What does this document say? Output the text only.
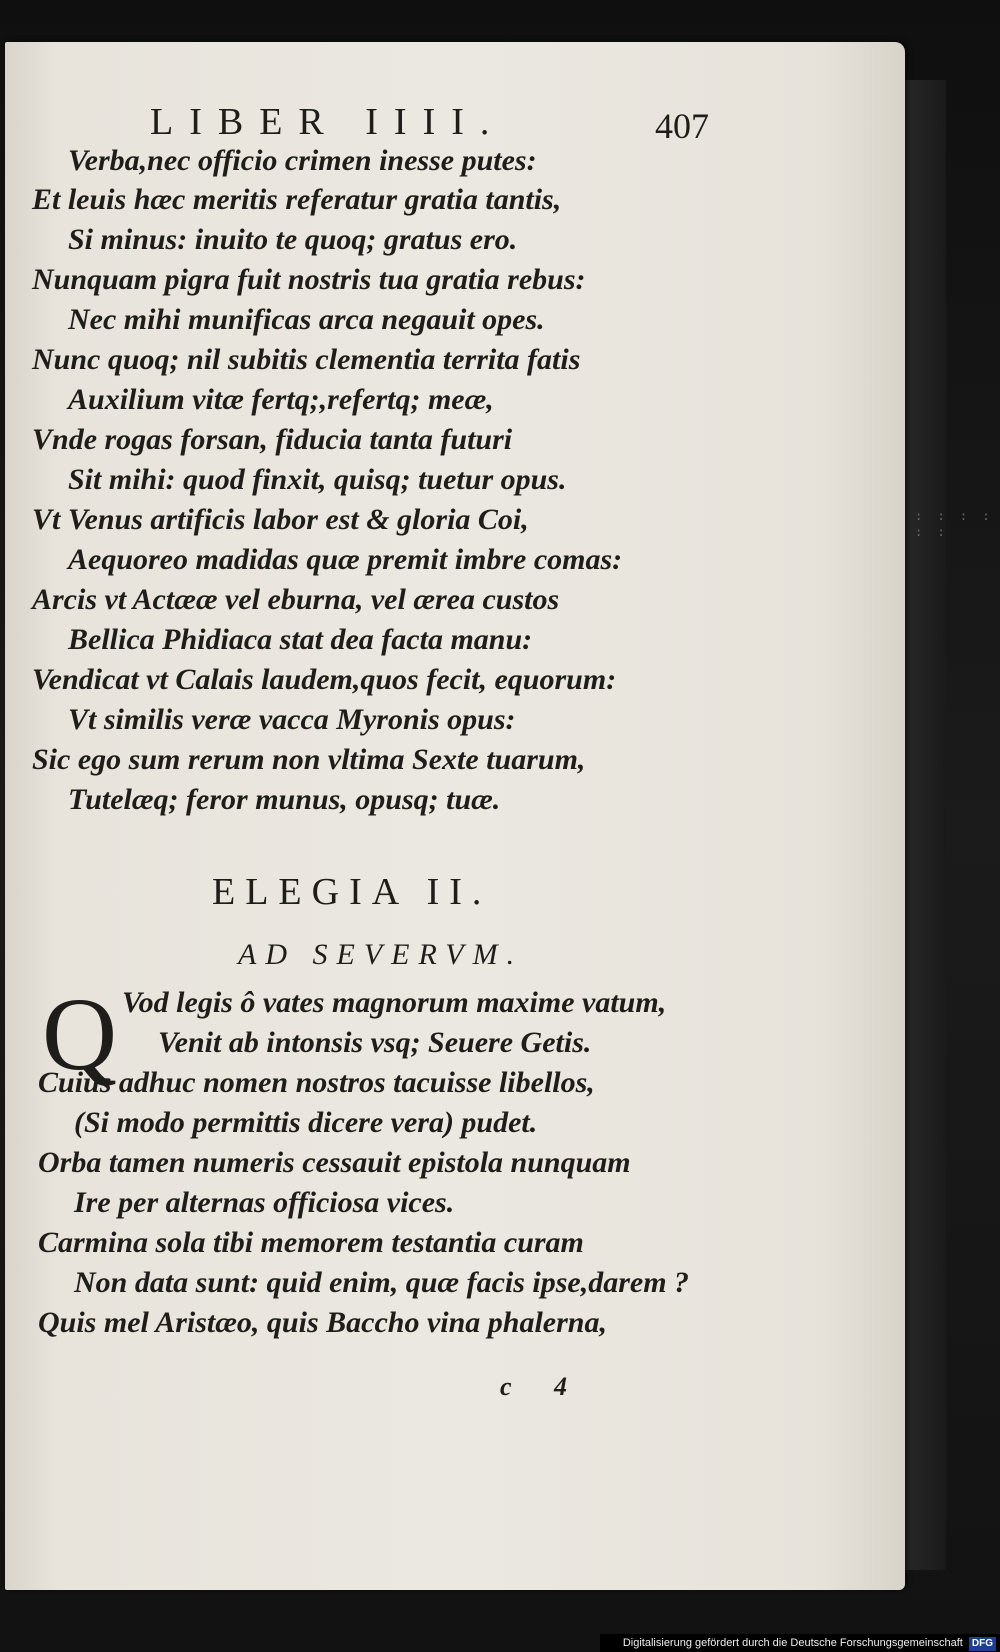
: : : : : :
LIBER IIII.	407
Verba,nec officio crimen inesse putes:
Et leuis hæc meritis referatur gratia tantis,
Si minus: inuito te quoq; gratus ero.
Nunquam pigra fuit nostris tua gratia rebus:
Nec mihi munificas arca negauit opes.
Nunc quoq; nil subitis clementia territa fatis
Auxilium vitæ fertq;,refertq; meæ,
Vnde rogas forsan, fiducia tanta futuri
Sit mihi: quod finxit, quisq; tuetur opus.
Vt Venus artificis labor est & gloria Coi,
Aequoreo madidas quæ premit imbre comas:
Arcis vt Actææ vel eburna, vel ærea custos
Bellica Phidiaca stat dea facta manu:
Vendicat vt Calais laudem,quos fecit, equorum:
Vt similis veræ vacca Myronis opus:
Sic ego sum rerum non vltima Sexte tuarum,
Tutelæq; feror munus, opusq; tuæ.
ELEGIA II.
AD SEVERVM.
Q Vod legis ô vates magnorum maxime vatum,
Venit ab intonsis vsq; Seuere Getis.
Cuius adhuc nomen nostros tacuisse libellos,
(Si modo permittis dicere vera) pudet.
Orba tamen numeris cessauit epistola nunquam
Ire per alternas officiosa vices.
Carmina sola tibi memorem testantia curam
Non data sunt: quid enim, quæ facis ipse,darem ?
Quis mel Aristæo, quis Baccho vina phalerna,
c 4
Digitalisierung gefördert durch die Deutsche Forschungsgemeinschaft DFG
